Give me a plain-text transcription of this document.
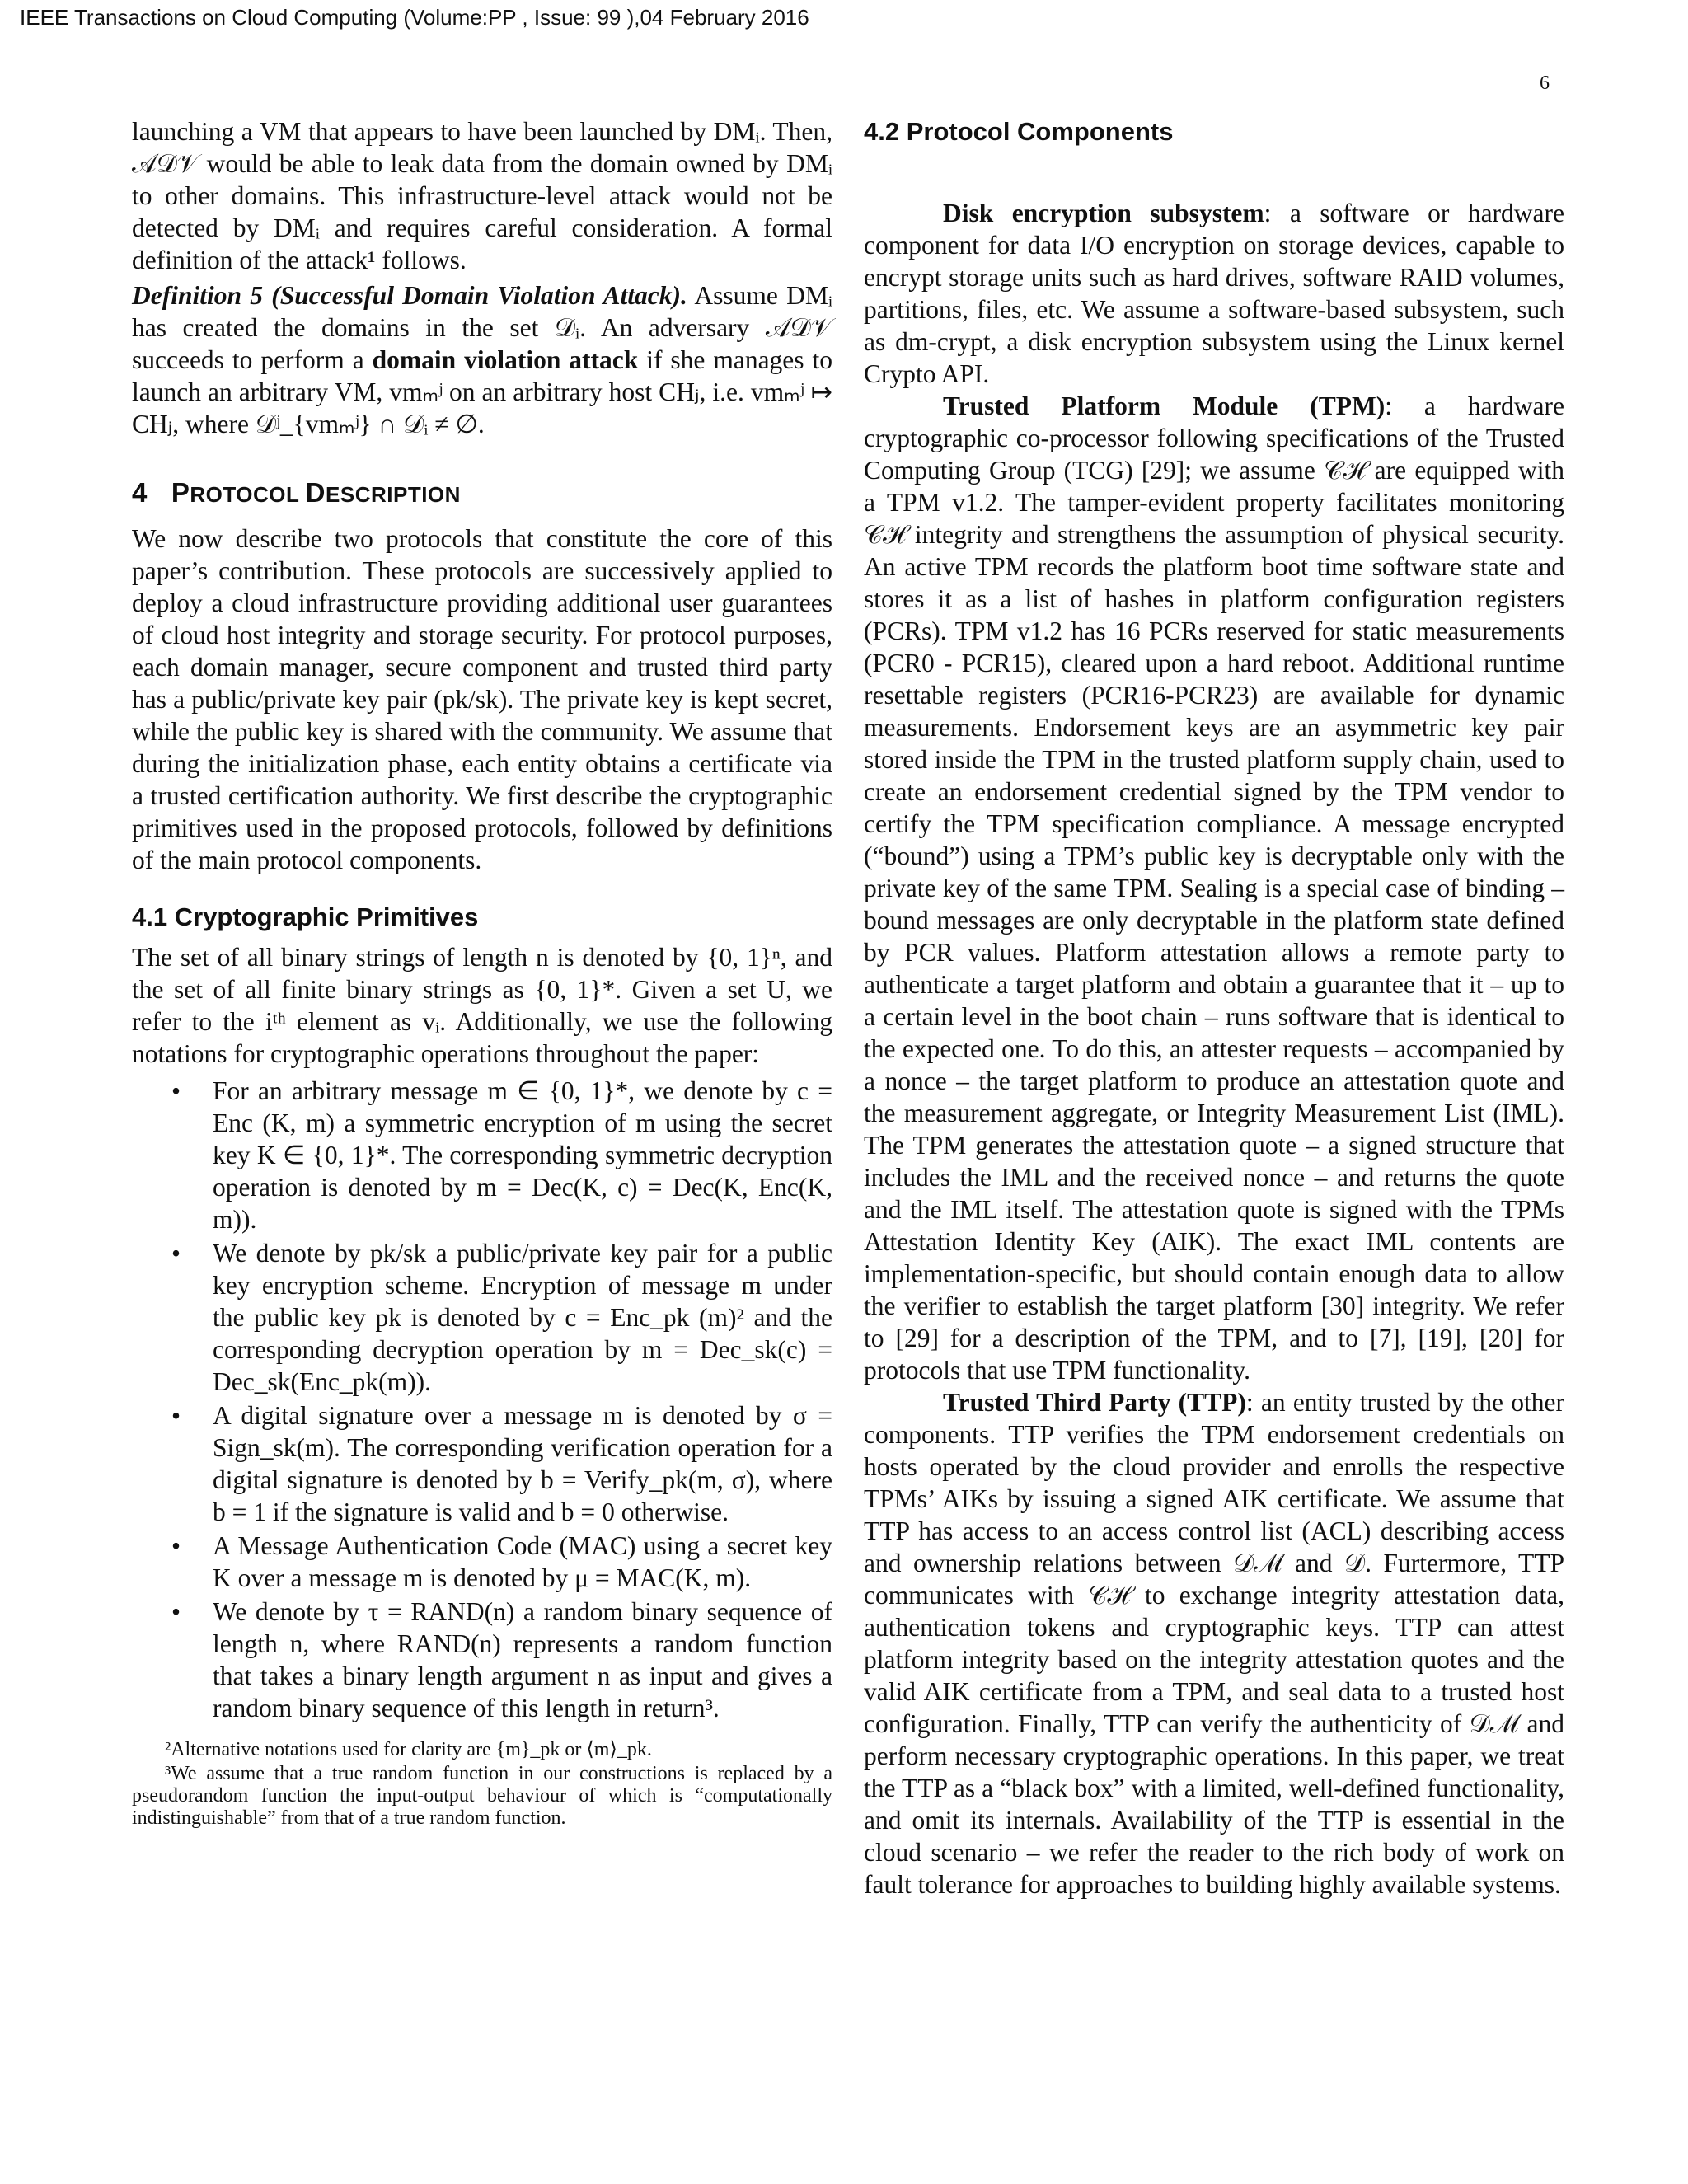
IEEE Transactions on Cloud Computing (Volume:PP , Issue: 99 ),04 February 2016
6

launching a VM that appears to have been launched by DMᵢ. Then, 𝒜𝒟𝒱 would be able to leak data from the domain owned by DMᵢ to other domains. This infrastructure-level attack would not be detected by DMᵢ and requires careful consideration. A formal definition of the attack¹ follows.

Definition 5 (Successful Domain Violation Attack). Assume DMᵢ has created the domains in the set 𝒟ᵢ. An adversary 𝒜𝒟𝒱 succeeds to perform a domain violation attack if she manages to launch an arbitrary VM, vmₘʲ on an arbitrary host CHⱼ, i.e. vmₘʲ ↦ CHⱼ, where 𝒟ʲ_{vmₘʲ} ∩ 𝒟ᵢ ≠ ∅.
4 PROTOCOL DESCRIPTION

We now describe two protocols that constitute the core of this paper’s contribution. These protocols are successively applied to deploy a cloud infrastructure providing additional user guarantees of cloud host integrity and storage security. For protocol purposes, each domain manager, secure component and trusted third party has a public/private key pair (pk/sk). The private key is kept secret, while the public key is shared with the community. We assume that during the initialization phase, each entity obtains a certificate via a trusted certification authority. We first describe the cryptographic primitives used in the proposed protocols, followed by definitions of the main protocol components.

4.1 Cryptographic Primitives

The set of all binary strings of length n is denoted by {0, 1}ⁿ, and the set of all finite binary strings as {0, 1}*. Given a set U, we refer to the iᵗʰ element as vᵢ. Additionally, we use the following notations for cryptographic operations throughout the paper:

• For an arbitrary message m ∈ {0, 1}*, we denote by c = Enc (K, m) a symmetric encryption of m using the secret key K ∈ {0, 1}*. The corresponding symmetric decryption operation is denoted by m = Dec(K, c) = Dec(K, Enc(K, m)).
• We denote by pk/sk a public/private key pair for a public key encryption scheme. Encryption of message m under the public key pk is denoted by c = Enc_pk (m)² and the corresponding decryption operation by m = Dec_sk(c) = Dec_sk(Enc_pk(m)).
• A digital signature over a message m is denoted by σ = Sign_sk(m). The corresponding verification operation for a digital signature is denoted by b = Verify_pk(m, σ), where b = 1 if the signature is valid and b = 0 otherwise.
• A Message Authentication Code (MAC) using a secret key K over a message m is denoted by μ = MAC(K, m).
• We denote by τ = RAND(n) a random binary sequence of length n, where RAND(n) represents a random function that takes a binary length argument n as input and gives a random binary sequence of this length in return³.

²Alternative notations used for clarity are {m}_pk or ⟨m⟩_pk.

³We assume that a true random function in our constructions is replaced by a pseudorandom function the input-output behaviour of which is “computationally indistinguishable” from that of a true random function.

4.2 Protocol Components

Disk encryption subsystem: a software or hardware component for data I/O encryption on storage devices, capable to encrypt storage units such as hard drives, software RAID volumes, partitions, files, etc. We assume a software-based subsystem, such as dm-crypt, a disk encryption subsystem using the Linux kernel Crypto API.

Trusted Platform Module (TPM): a hardware cryptographic co-processor following specifications of the Trusted Computing Group (TCG) [29]; we assume 𝒞ℋ are equipped with a TPM v1.2. The tamper-evident property facilitates monitoring 𝒞ℋ integrity and strengthens the assumption of physical security. An active TPM records the platform boot time software state and stores it as a list of hashes in platform configuration registers (PCRs). TPM v1.2 has 16 PCRs reserved for static measurements (PCR0 - PCR15), cleared upon a hard reboot. Additional runtime resettable registers (PCR16-PCR23) are available for dynamic measurements. Endorsement keys are an asymmetric key pair stored inside the TPM in the trusted platform supply chain, used to create an endorsement credential signed by the TPM vendor to certify the TPM specification compliance. A message encrypted (“bound”) using a TPM’s public key is decryptable only with the private key of the same TPM. Sealing is a special case of binding – bound messages are only decryptable in the platform state defined by PCR values. Platform attestation allows a remote party to authenticate a target platform and obtain a guarantee that it – up to a certain level in the boot chain – runs software that is identical to the expected one. To do this, an attester requests – accompanied by a nonce – the target platform to produce an attestation quote and the measurement aggregate, or Integrity Measurement List (IML). The TPM generates the attestation quote – a signed structure that includes the IML and the received nonce – and returns the quote and the IML itself. The attestation quote is signed with the TPMs Attestation Identity Key (AIK). The exact IML contents are implementation-specific, but should contain enough data to allow the verifier to establish the target platform [30] integrity. We refer to [29] for a description of the TPM, and to [7], [19], [20] for protocols that use TPM functionality.

Trusted Third Party (TTP): an entity trusted by the other components. TTP verifies the TPM endorsement credentials on hosts operated by the cloud provider and enrolls the respective TPMs’ AIKs by issuing a signed AIK certificate. We assume that TTP has access to an access control list (ACL) describing access and ownership relations between 𝒟ℳ and 𝒟. Furtermore, TTP communicates with 𝒞ℋ to exchange integrity attestation data, authentication tokens and cryptographic keys. TTP can attest platform integrity based on the integrity attestation quotes and the valid AIK certificate from a TPM, and seal data to a trusted host configuration. Finally, TTP can verify the authenticity of 𝒟ℳ and perform necessary cryptographic operations. In this paper, we treat the TTP as a “black box” with a limited, well-defined functionality, and omit its internals. Availability of the TTP is essential in the cloud scenario – we refer the reader to the rich body of work on fault tolerance for approaches to building highly available systems.
